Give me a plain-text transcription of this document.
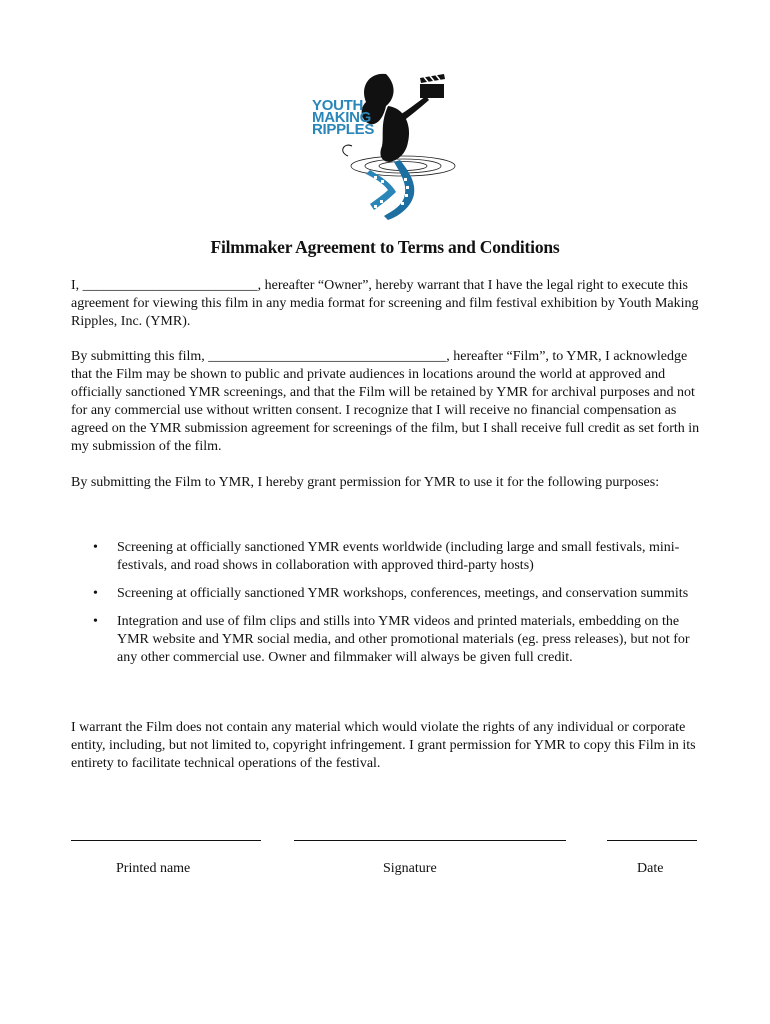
YOUTH
MAKING
RIPPLES
Filmmaker Agreement to Terms and Conditions

I, _________________________, hereafter “Owner”, hereby warrant that I have the legal right to execute this agreement for viewing this film in any media format for screening and film festival exhibition by Youth Making Ripples, Inc. (YMR).

By submitting this film, __________________________________, hereafter “Film”, to YMR, I acknowledge that the Film may be shown to public and private audiences in locations around the world at approved and officially sanctioned YMR screenings, and that the Film will be retained by YMR for archival purposes and not for any commercial use without written consent. I recognize that I will receive no financial compensation as agreed on the YMR submission agreement for screenings of the film, but I shall receive full credit as set forth in my submission of the film.

By submitting the Film to YMR, I hereby grant permission for YMR to use it for the following purposes:

• Screening at officially sanctioned YMR events worldwide (including large and small festivals, mini-festivals, and road shows in collaboration with approved third-party hosts)
• Screening at officially sanctioned YMR workshops, conferences, meetings, and conservation summits
• Integration and use of film clips and stills into YMR videos and printed materials, embedding on the YMR website and YMR social media, and other promotional materials (eg. press releases), but not for any other commercial use. Owner and filmmaker will always be given full credit.

I warrant the Film does not contain any material which would violate the rights of any individual or corporate entity, including, but not limited to, copyright infringement. I grant permission for YMR to copy this Film in its entirety to facilitate technical operations of the festival.

Printed name	Signature	Date
